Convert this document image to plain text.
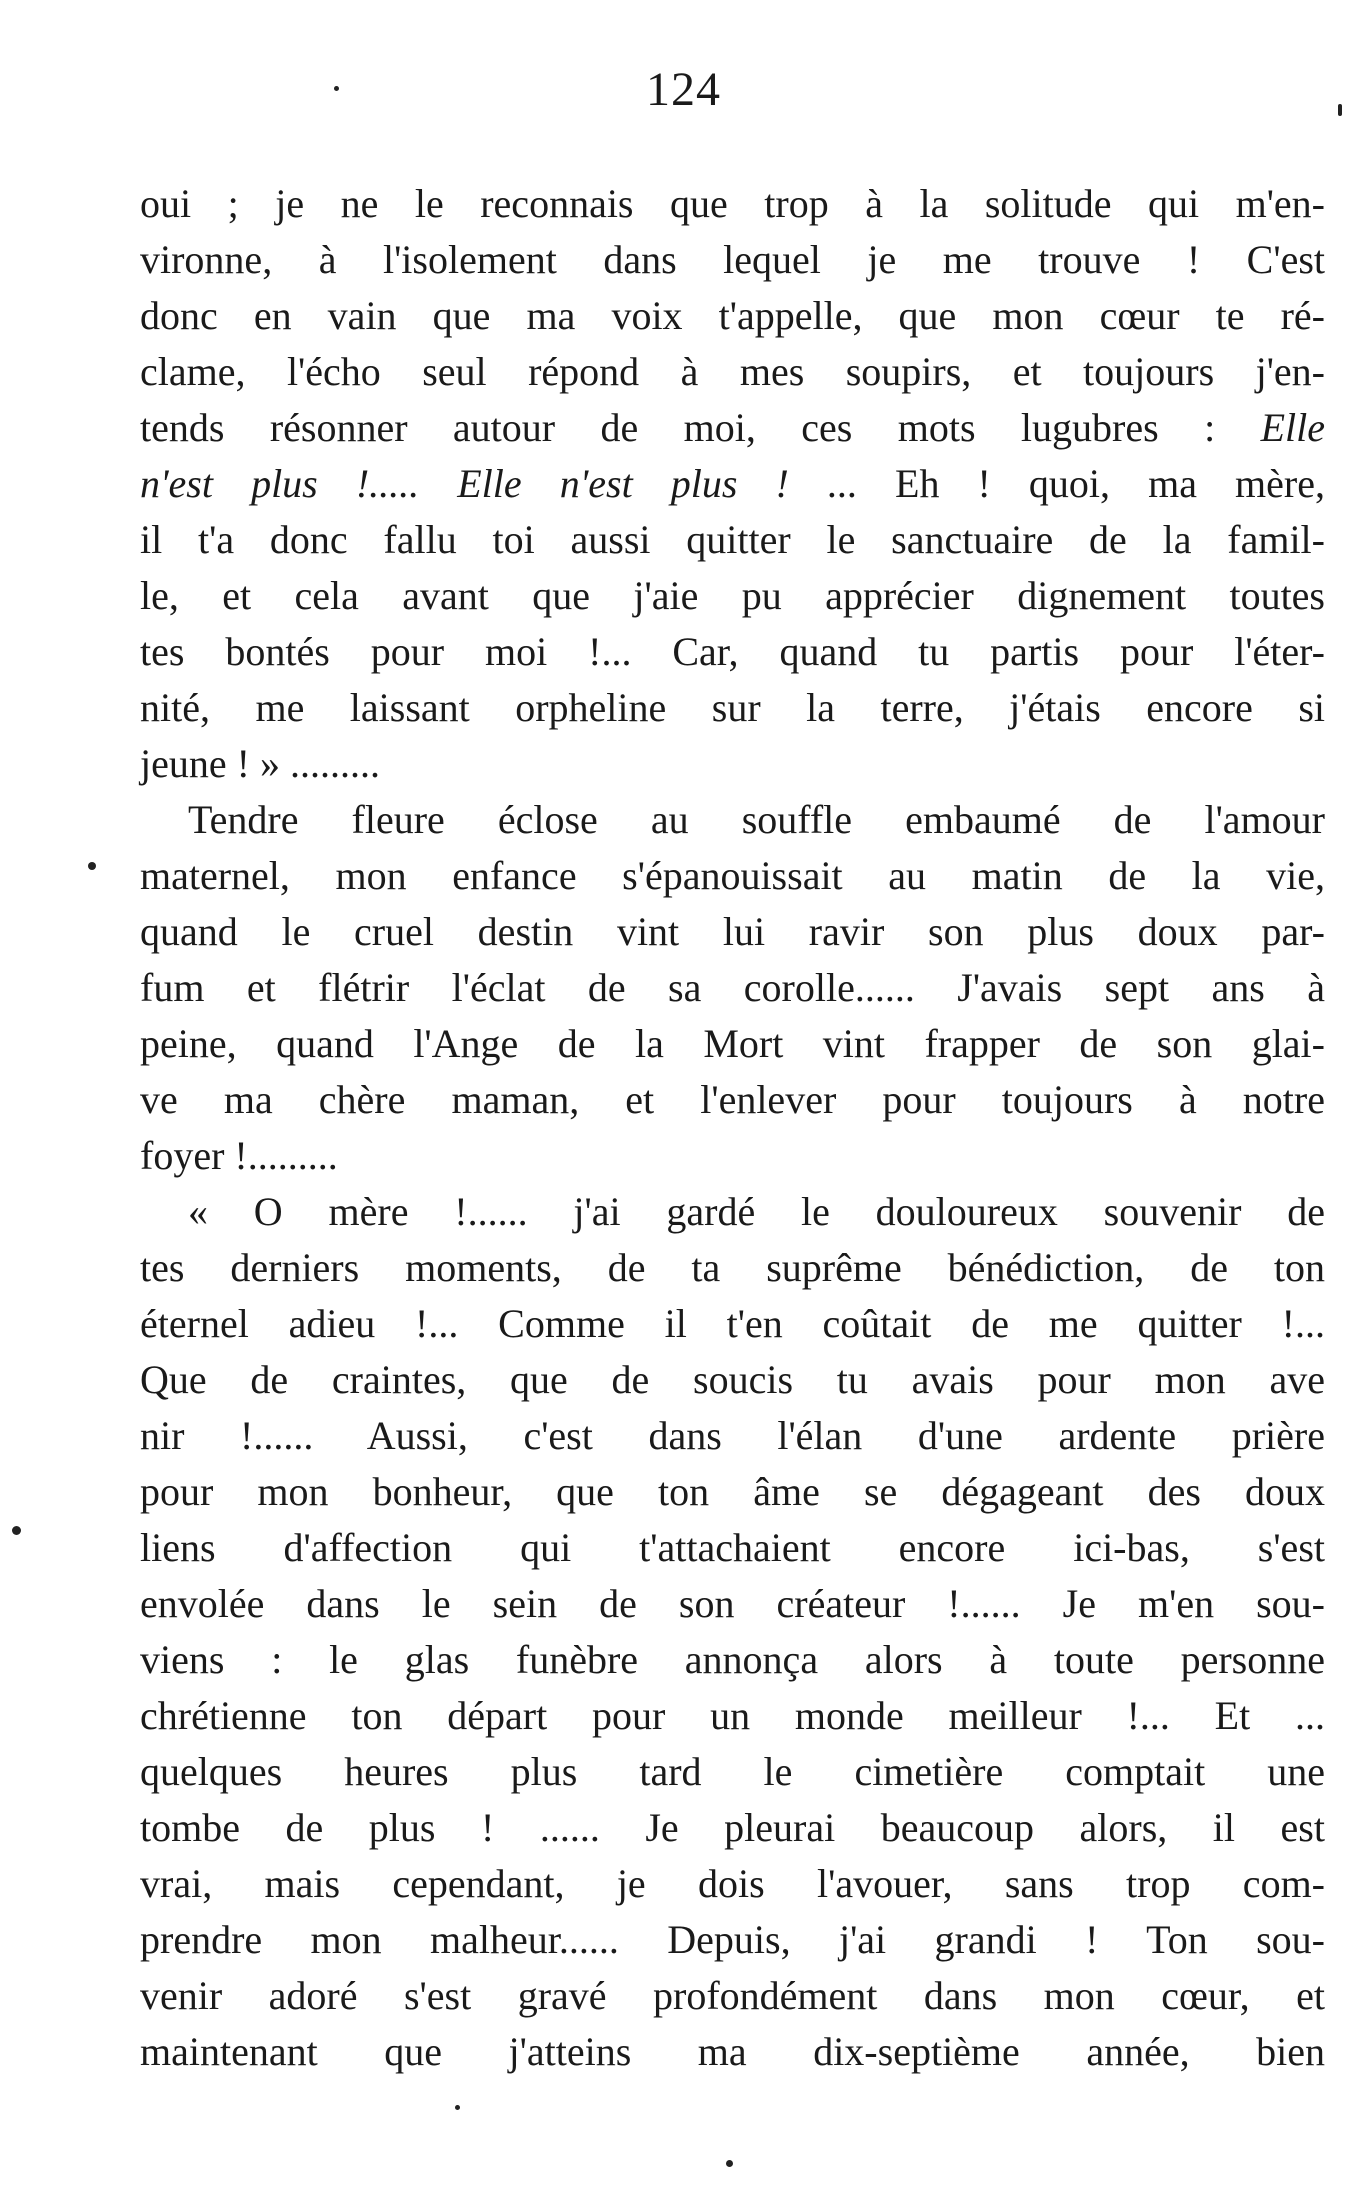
124
oui ; je ne le reconnais que trop à la solitude qui m'en-
vironne, à l'isolement dans lequel je me trouve ! C'est
donc en vain que ma voix t'appelle, que mon cœur te ré-
clame, l'écho seul répond à mes soupirs, et toujours j'en-
tends résonner autour de moi, ces mots lugubres : Elle
n'est plus !..... Elle n'est plus ! ... Eh ! quoi, ma mère,
il t'a donc fallu toi aussi quitter le sanctuaire de la famil-
le, et cela avant que j'aie pu apprécier dignement toutes
tes bontés pour moi !... Car, quand tu partis pour l'éter-
nité, me laissant orpheline sur la terre, j'étais encore si
jeune ! » .........
Tendre fleure éclose au souffle embaumé de l'amour
maternel, mon enfance s'épanouissait au matin de la vie,
quand le cruel destin vint lui ravir son plus doux par-
fum et flétrir l'éclat de sa corolle...... J'avais sept ans à
peine, quand l'Ange de la Mort vint frapper de son glai-
ve ma chère maman, et l'enlever pour toujours à notre
foyer !.........
« O mère !...... j'ai gardé le douloureux souvenir de
tes derniers moments, de ta suprême bénédiction, de ton
éternel adieu !... Comme il t'en coûtait de me quitter !...
Que de craintes, que de soucis tu avais pour mon ave
nir !...... Aussi, c'est dans l'élan d'une ardente prière
pour mon bonheur, que ton âme se dégageant des doux
liens d'affection qui t'attachaient encore ici-bas, s'est
envolée dans le sein de son créateur !...... Je m'en sou-
viens : le glas funèbre annonça alors à toute personne
chrétienne ton départ pour un monde meilleur !... Et ...
quelques heures plus tard le cimetière comptait une
tombe de plus ! ...... Je pleurai beaucoup alors, il est
vrai, mais cependant, je dois l'avouer, sans trop com-
prendre mon malheur...... Depuis, j'ai grandi ! Ton sou-
venir adoré s'est gravé profondément dans mon cœur, et
maintenant que j'atteins ma dix-septième année, bien
